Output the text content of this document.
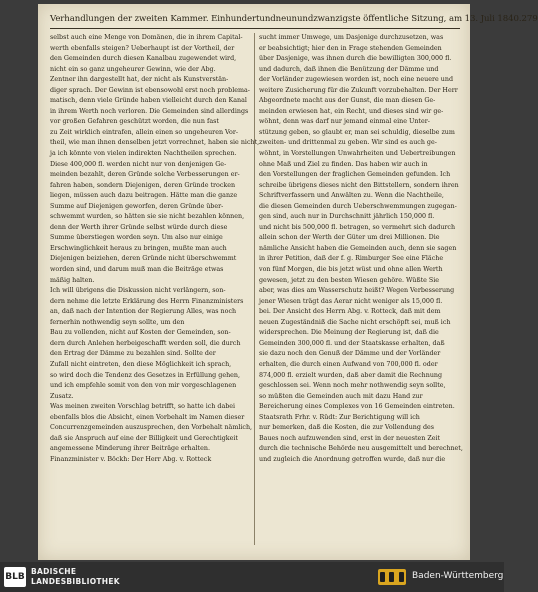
Verhandlungen der zweiten Kammer. Einhundertundneunundzwanzigste öffentliche Sitzung, am 13. Juli 1840. 279
selbst auch eine Menge von Domänen, die in ihrem Capital-
werth ebenfalls steigen? Ueberhaupt ist der Vortheil, der
den Gemeinden durch diesen Kanalbau zugewendet wird,
nicht ein so ganz ungeheurer Gewinn, wie der Abg.
Zentner ihn dargestellt hat, der nicht als Kunstverstän-
diger sprach. Der Gewinn ist ebensowohl erst noch problema-
matisch, denn viele Gründe haben vielleicht durch den Kanal
in ihrem Werth noch verloren. Die Gemeinden sind allerdings
vor großen Gefahren geschützt worden, die nun fast
zu Zeit wirklich eintrafen, allein einen so ungeheuren Vor-
theil, wie man ihnen denselben jetzt vorrechnet, haben sie nicht,
ja ich könnte von vielen indirekten Nachtheilen sprechen.
Diese 400,000 fl. werden nicht nur von denjenigen Ge-
meinden bezahlt, deren Gründe solche Verbesserungen er-
fahren haben, sondern Diejenigen, deren Gründe trocken
liegen, müssen auch dazu beitragen. Hätte man die ganze
Summe auf Diejenigen geworfen, deren Gründe über-
schwemmt wurden, so hätten sie sie nicht bezahlen können,
denn der Werth ihrer Gründe selbst würde durch diese
Summe überstiegen worden seyn. Um also nur einige
Erschwinglichkeit heraus zu bringen, mußte man auch
Diejenigen beiziehen, deren Gründe nicht überschwemmt
worden sind, und darum muß man die Beiträge etwas
mäßig halten.
Ich will übrigens die Diskussion nicht verlängern, son-
dern nehme die letzte Erklärung des Herrn Finanzministers
an, daß nach der Intention der Regierung Alles, was noch
fernerhin nothwendig seyn sollte, um den
Bau zu vollenden, nicht auf Kosten der Gemeinden, son-
dern durch Anlehen herbeigeschafft werden soll, die durch
den Ertrag der Dämme zu bezahlen sind. Sollte der
Zufall nicht eintreten, den diese Möglichkeit ich sprach,
so wird doch die Tendenz des Gesetzes in Erfüllung gehen,
und ich empfehle somit von den von mir vorgeschlagenen
Zusatz.
Was meinen zweiten Vorschlag betrifft, so hatte ich dabei
ebenfalls blos die Absicht, einen Vorbehalt im Namen dieser
Concurrenzgemeinden auszusprechen, den Vorbehalt nämlich,
daß sie Anspruch auf eine der Billigkeit und Gerechtigkeit
angemessene Minderung ihrer Beiträge erhalten.
Finanzminister v. Böckh: Der Herr Abg. v. Rotteck
sucht immer Umwege, um Dasjenige durchzusetzen, was
er beabsichtigt; hier den in Frage stehenden Gemeinden
über Dasjenige, was ihnen durch die bewilligten 300,000 fl.
und dadurch, daß ihnen die Benützung der Dämme und
der Vorländer zugewiesen worden ist, noch eine neuere und
weitere Zusicherung für die Zukunft vorzubehalten. Der Herr
Abgeordnete macht aus der Gunst, die man diesen Ge-
meinden erwiesen hat, ein Recht, und dieses sind wir ge-
wöhnt, denn was darf nur jemand einmal eine Unter-
stützung geben, so glaubt er, man sei schuldig, dieselbe zum
zweiten- und drittenmal zu geben. Wir sind es auch ge-
wöhnt, in Vorstellungen Unwahrheiten und Uebertreibungen
ohne Maß und Ziel zu finden. Das haben wir auch in
den Vorstellungen der fraglichen Gemeinden gefunden. Ich
schreibe übrigens dieses nicht den Bittstellern, sondern ihren
Schriftverfassern und Anwälten zu. Wenn die Nachtheile,
die diesen Gemeinden durch Ueberschwemmungen zugegan-
gen sind, auch nur in Durchschnitt jährlich 150,000 fl.
und nicht bis 500,000 fl. betragen, so vermehrt sich dadurch
allein schon der Werth der Güter um drei Millionen. Die
nämliche Ansicht haben die Gemeinden auch, denn sie sagen
in ihrer Petition, daß der f. g. Rimburger See eine Fläche
von fünf Morgen, die bis jetzt wüst und ohne allen Werth
gewesen, jetzt zu den besten Wiesen gehöre. Wüßte Sie
aber, was dies am Wasserschutz heißt? Wegen Verbesserung
jener Wiesen trägt das Aerar nicht weniger als 15,000 fl.
bei. Der Ansicht des Herrn Abg. v. Rotteck, daß mit dem
neuen Zugeständniß die Sache nicht erschöpft sei, muß ich
widersprechen. Die Meinung der Regierung ist, daß die
Gemeinden 300,000 fl. und der Staatskasse erhalten, daß
sie dazu noch den Genuß der Dämme und der Vorländer
erhalten, die durch einen Aufwand von 700,000 fl. oder
874,000 fl. erzielt wurden, daß aber damit die Rechnung
geschlossen sei. Wenn noch mehr nothwendig seyn sollte,
so müßten die Gemeinden auch mit dazu Hand zur
Bereicherung eines Complexes von 16 Gemeinden eintreten.
Staatsrath Frhr. v. Rüdt: Zur Berichtigung will ich
nur bemerken, daß die Kosten, die zur Vollendung des
Baues noch aufzuwenden sind, erst in der neuesten Zeit
durch die technische Behörde neu ausgemittelt und berechnet,
und zugleich die Anordnung getroffen wurde, daß nur die
BLB
BADISCHE
LANDESBIBLIOTHEK
Baden-Württemberg
